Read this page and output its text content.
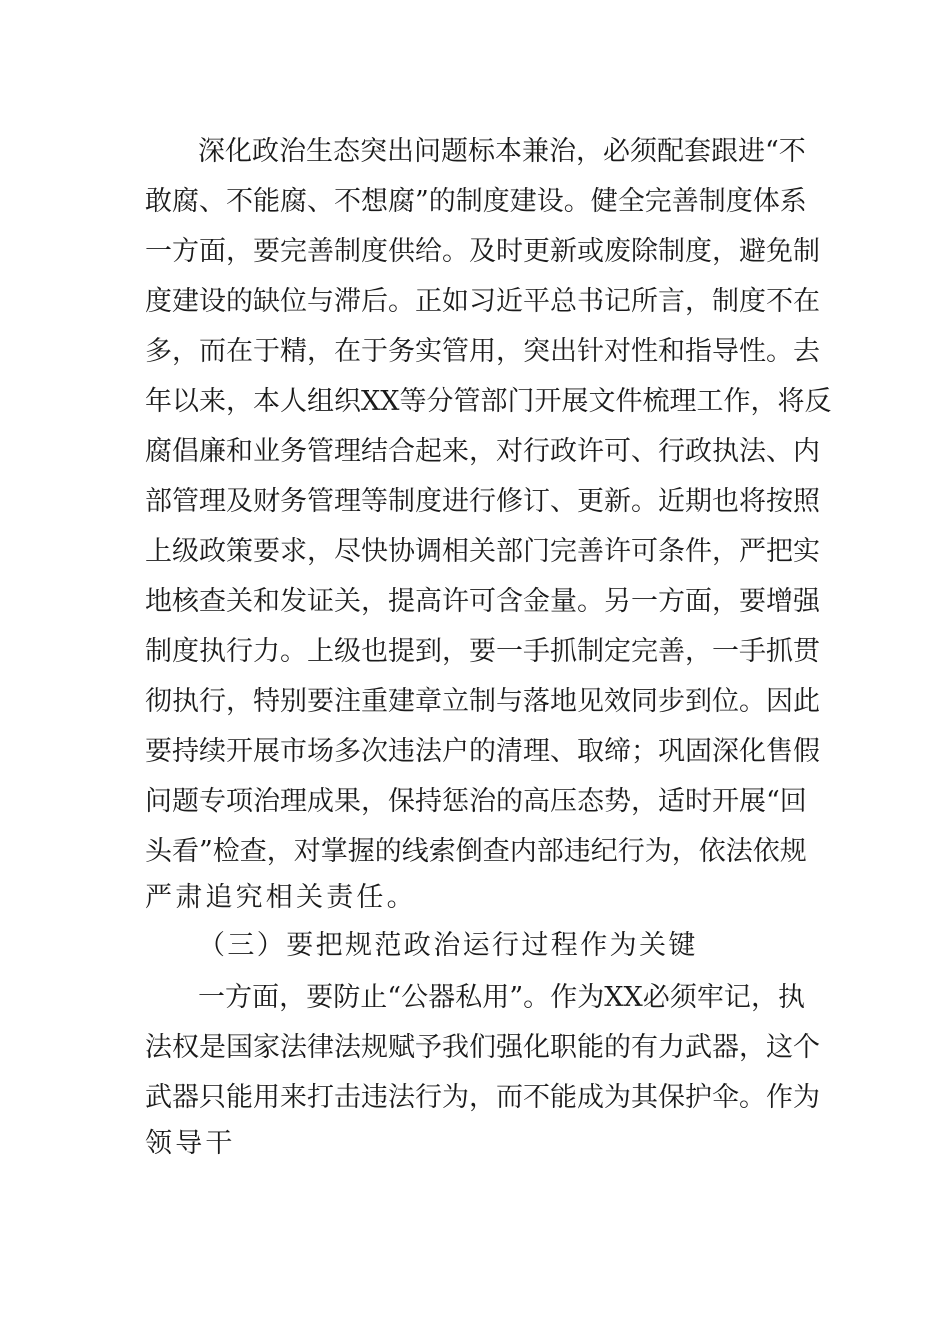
深化政治生态突出问题标本兼治，必须配套跟进“不
敢腐、不能腐、不想腐”的制度建设。健全完善制度体系
一方面，要完善制度供给。及时更新或废除制度，避免制
度建设的缺位与滞后。正如习近平总书记所言，制度不在
多，而在于精，在于务实管用，突出针对性和指导性。去
年以来，本人组织XX等分管部门开展文件梳理工作，将反
腐倡廉和业务管理结合起来，对行政许可、行政执法、内
部管理及财务管理等制度进行修订、更新。近期也将按照
上级政策要求，尽快协调相关部门完善许可条件，严把实
地核查关和发证关，提高许可含金量。另一方面，要增强
制度执行力。上级也提到，要一手抓制定完善，一手抓贯
彻执行，特别要注重建章立制与落地见效同步到位。因此
要持续开展市场多次违法户的清理、取缔；巩固深化售假
问题专项治理成果，保持惩治的高压态势，适时开展“回
头看”检查，对掌握的线索倒查内部违纪行为，依法依规
严肃追究相关责任。
（三）要把规范政治运行过程作为关键
一方面，要防止“公器私用”。作为XX必须牢记，执
法权是国家法律法规赋予我们强化职能的有力武器，这个
武器只能用来打击违法行为，而不能成为其保护伞。作为
领导干
